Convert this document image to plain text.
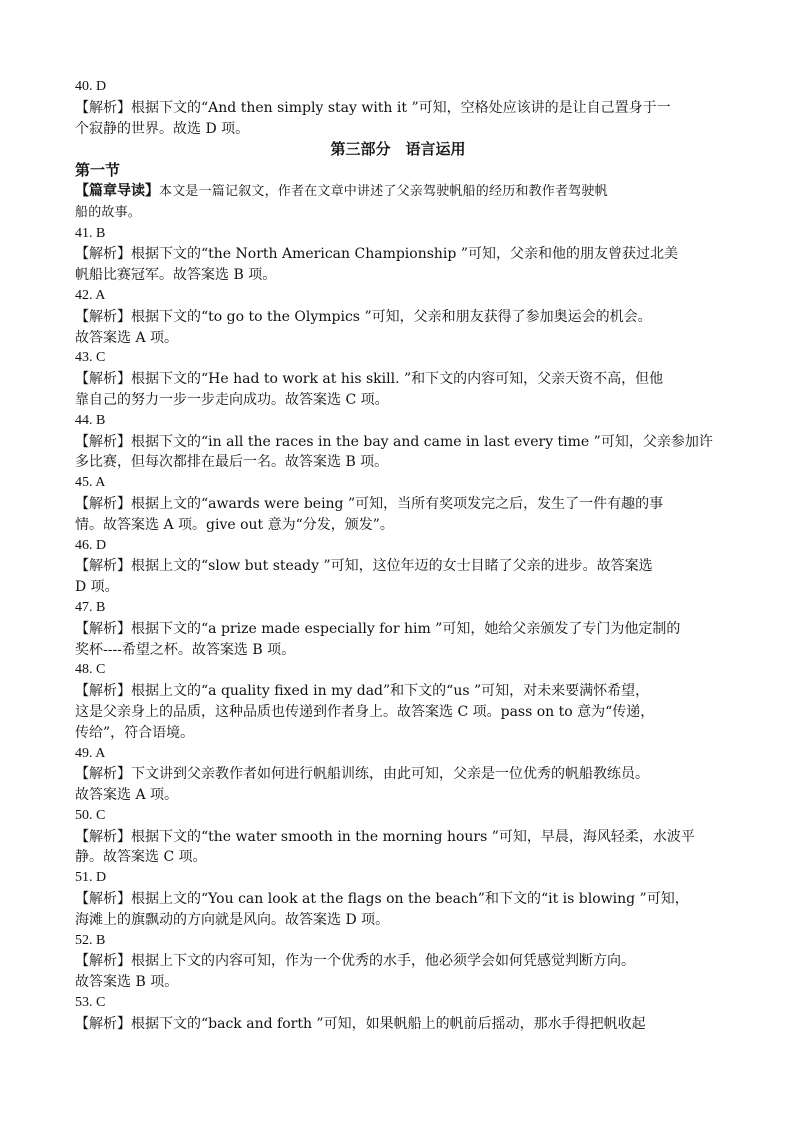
40. D
【解析】根据下文的“And then simply stay with it ”可知，空格处应该讲的是让自己置身于一
个寂静的世界。故选 D 项。
第三部分　语言运用
第一节
【篇章导读】本文是一篇记叙文，作者在文章中讲述了父亲驾驶帆船的经历和教作者驾驶帆
船的故事。
41. B
【解析】根据下文的“the North American Championship ”可知，父亲和他的朋友曾获过北美
帆船比赛冠军。故答案选 B 项。
42. A
【解析】根据下文的“to go to the Olympics ”可知，父亲和朋友获得了参加奥运会的机会。
故答案选 A 项。
43. C
【解析】根据下文的“He had to work at his skill. ”和下文的内容可知，父亲天资不高，但他
靠自己的努力一步一步走向成功。故答案选 C 项。
44. B
【解析】根据下文的“in all the races in the bay and came in last every time ”可知，父亲参加许
多比赛，但每次都排在最后一名。故答案选 B 项。
45. A
【解析】根据上文的“awards were being ”可知，当所有奖项发完之后，发生了一件有趣的事
情。故答案选 A 项。give out 意为“分发，颁发”。
46. D
【解析】根据上文的“slow but steady ”可知，这位年迈的女士目睹了父亲的进步。故答案选
D 项。
47. B
【解析】根据下文的“a prize made especially for him ”可知，她给父亲颁发了专门为他定制的
奖杯----希望之杯。故答案选 B 项。
48. C
【解析】根据上文的“a quality fixed in my dad”和下文的“us ”可知，对未来要满怀希望，
这是父亲身上的品质，这种品质也传递到作者身上。故答案选 C 项。pass on to 意为“传递，
传给”，符合语境。
49. A
【解析】下文讲到父亲教作者如何进行帆船训练，由此可知，父亲是一位优秀的帆船教练员。
故答案选 A 项。
50. C
【解析】根据下文的“the water smooth in the morning hours ”可知，早晨，海风轻柔，水波平
静。故答案选 C 项。
51. D
【解析】根据上文的“You can look at the flags on the beach”和下文的“it is blowing ”可知，
海滩上的旗飘动的方向就是风向。故答案选 D 项。
52. B
【解析】根据上下文的内容可知，作为一个优秀的水手，他必须学会如何凭感觉判断方向。
故答案选 B 项。
53. C
【解析】根据下文的“back and forth ”可知，如果帆船上的帆前后摇动，那水手得把帆收起
